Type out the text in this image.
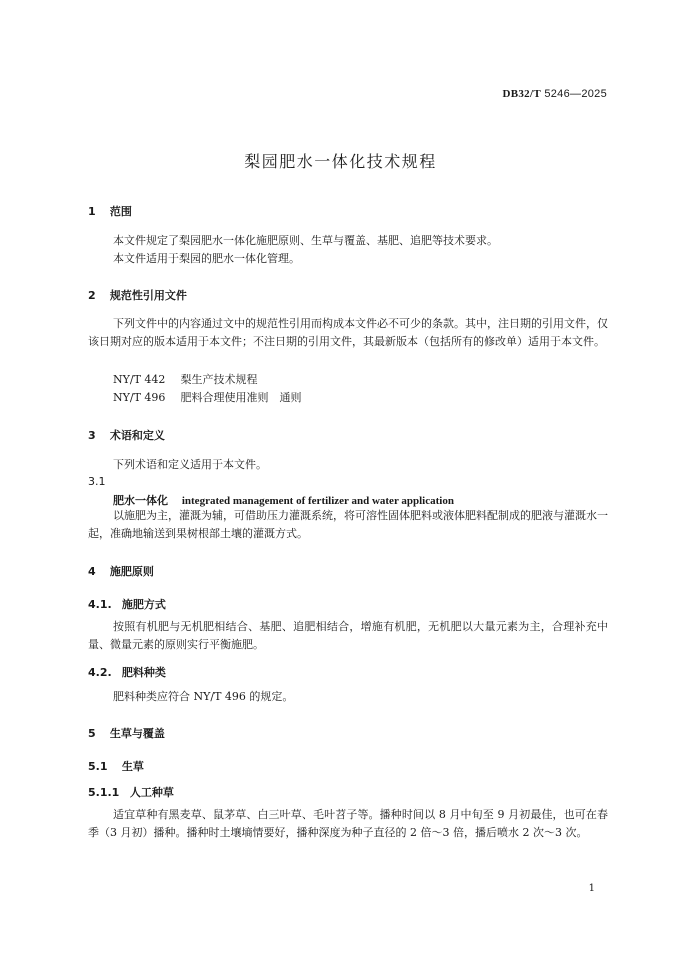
DB32/T 5246—2025
梨园肥水一体化技术规程
1 范围
本文件规定了梨园肥水一体化施肥原则、生草与覆盖、基肥、追肥等技术要求。
本文件适用于梨园的肥水一体化管理。
2 规范性引用文件
下列文件中的内容通过文中的规范性引用而构成本文件必不可少的条款。其中，注日期的引用文件，仅该日期对应的版本适用于本文件；不注日期的引用文件，其最新版本（包括所有的修改单）适用于本文件。
NY/T 442 梨生产技术规程
NY/T 496 肥料合理使用准则　通则
3 术语和定义
下列术语和定义适用于本文件。
3.1
肥水一体化 integrated management of fertilizer and water application
以施肥为主，灌溉为辅，可借助压力灌溉系统，将可溶性固体肥料或液体肥料配制成的肥液与灌溉水一起，准确地输送到果树根部土壤的灌溉方式。
4 施肥原则
4.1. 施肥方式
按照有机肥与无机肥相结合、基肥、追肥相结合，增施有机肥，无机肥以大量元素为主，合理补充中量、微量元素的原则实行平衡施肥。
4.2. 肥料种类
肥料种类应符合 NY/T 496 的规定。
5 生草与覆盖
5.1 生草
5.1.1 人工种草
适宜草种有黑麦草、鼠茅草、白三叶草、毛叶苕子等。播种时间以 8 月中旬至 9 月初最佳，也可在春季（3 月初）播种。播种时土壤墒情要好，播种深度为种子直径的 2 倍～3 倍，播后喷水 2 次～3 次。
1
